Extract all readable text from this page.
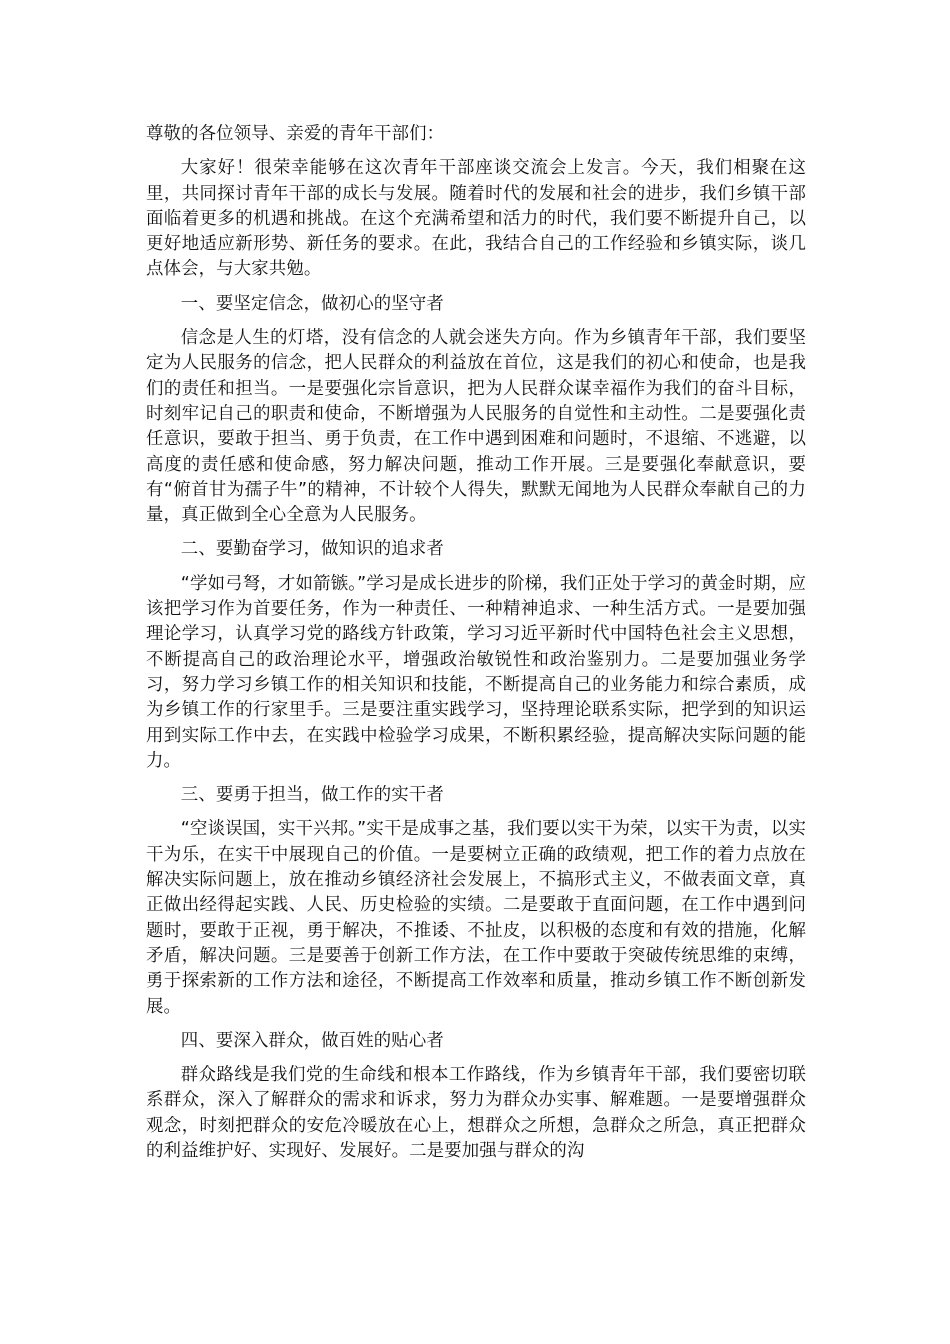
尊敬的各位领导、亲爱的青年干部们：

大家好！很荣幸能够在这次青年干部座谈交流会上发言。今天，我们相聚在这里，共同探讨青年干部的成长与发展。随着时代的发展和社会的进步，我们乡镇干部面临着更多的机遇和挑战。在这个充满希望和活力的时代，我们要不断提升自己，以更好地适应新形势、新任务的要求。在此，我结合自己的工作经验和乡镇实际，谈几点体会，与大家共勉。

一、要坚定信念，做初心的坚守者

信念是人生的灯塔，没有信念的人就会迷失方向。作为乡镇青年干部，我们要坚定为人民服务的信念，把人民群众的利益放在首位，这是我们的初心和使命，也是我们的责任和担当。一是要强化宗旨意识，把为人民群众谋幸福作为我们的奋斗目标，时刻牢记自己的职责和使命，不断增强为人民服务的自觉性和主动性。二是要强化责任意识，要敢于担当、勇于负责，在工作中遇到困难和问题时，不退缩、不逃避，以高度的责任感和使命感，努力解决问题，推动工作开展。三是要强化奉献意识，要有“俯首甘为孺子牛”的精神，不计较个人得失，默默无闻地为人民群众奉献自己的力量，真正做到全心全意为人民服务。

二、要勤奋学习，做知识的追求者

“学如弓弩，才如箭镞。”学习是成长进步的阶梯，我们正处于学习的黄金时期，应该把学习作为首要任务，作为一种责任、一种精神追求、一种生活方式。一是要加强理论学习，认真学习党的路线方针政策，学习习近平新时代中国特色社会主义思想，不断提高自己的政治理论水平，增强政治敏锐性和政治鉴别力。二是要加强业务学习，努力学习乡镇工作的相关知识和技能，不断提高自己的业务能力和综合素质，成为乡镇工作的行家里手。三是要注重实践学习，坚持理论联系实际，把学到的知识运用到实际工作中去，在实践中检验学习成果，不断积累经验，提高解决实际问题的能力。

三、要勇于担当，做工作的实干者

“空谈误国，实干兴邦。”实干是成事之基，我们要以实干为荣，以实干为责，以实干为乐，在实干中展现自己的价值。一是要树立正确的政绩观，把工作的着力点放在解决实际问题上，放在推动乡镇经济社会发展上，不搞形式主义，不做表面文章，真正做出经得起实践、人民、历史检验的实绩。二是要敢于直面问题，在工作中遇到问题时，要敢于正视，勇于解决，不推诿、不扯皮，以积极的态度和有效的措施，化解矛盾，解决问题。三是要善于创新工作方法，在工作中要敢于突破传统思维的束缚，勇于探索新的工作方法和途径，不断提高工作效率和质量，推动乡镇工作不断创新发展。

四、要深入群众，做百姓的贴心者

群众路线是我们党的生命线和根本工作路线，作为乡镇青年干部，我们要密切联系群众，深入了解群众的需求和诉求，努力为群众办实事、解难题。一是要增强群众观念，时刻把群众的安危冷暖放在心上，想群众之所想，急群众之所急，真正把群众的利益维护好、实现好、发展好。二是要加强与群众的沟
